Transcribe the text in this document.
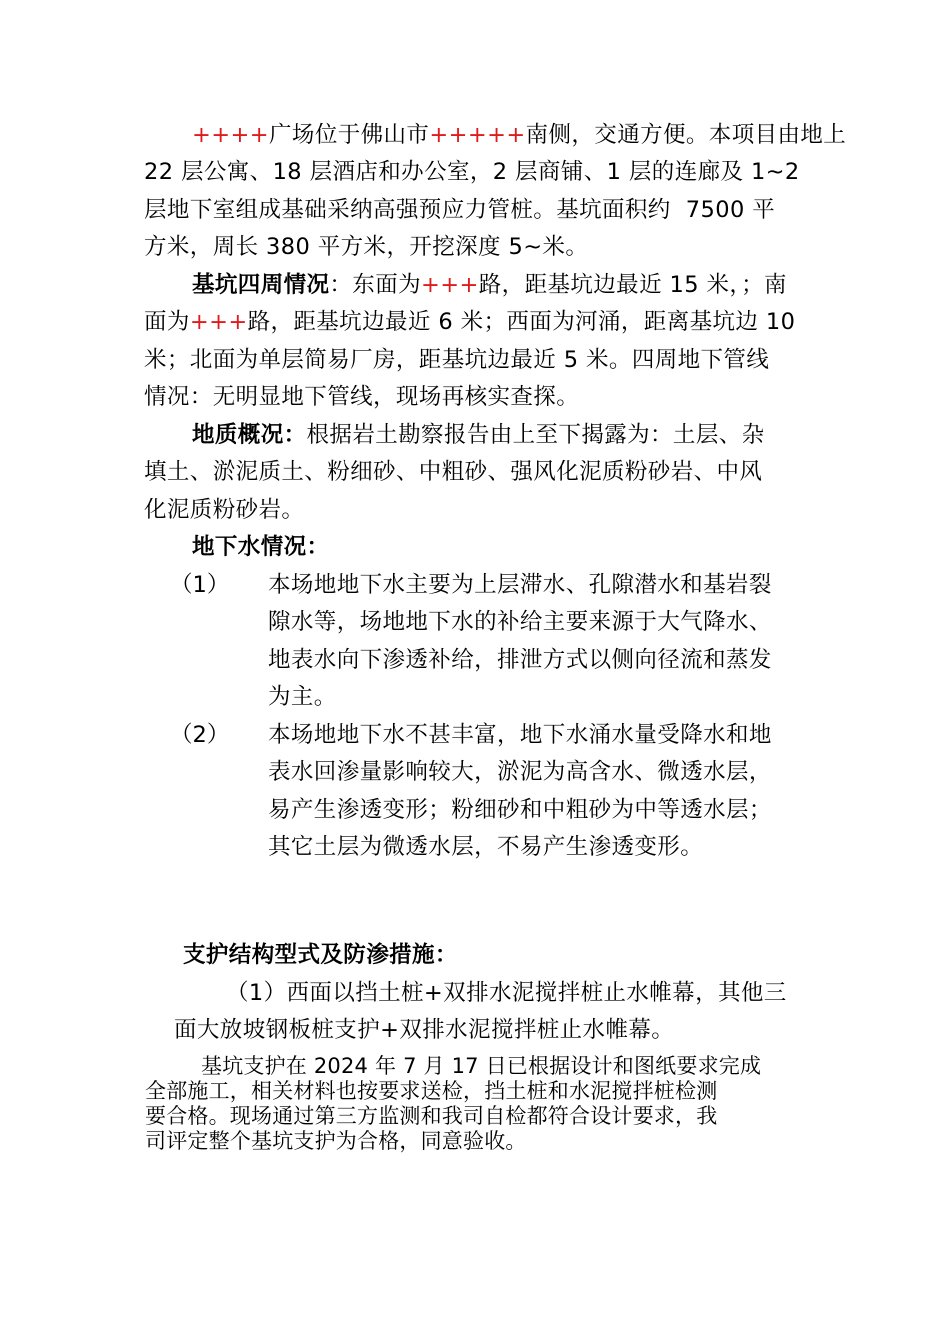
++++广场位于佛山市+++++南侧，交通方便。本项目由地上
22 层公寓、18 层酒店和办公室，2 层商铺、1 层的连廊及 1~2
层地下室组成基础采纳高强预应力管桩。基坑面积约  7500 平
方米，周长 380 平方米，开挖深度 5~米。
基坑四周情况：东面为+++路，距基坑边最近 15 米，；南
面为+++路，距基坑边最近 6 米；西面为河涌，距离基坑边 10
米；北面为单层简易厂房，距基坑边最近 5 米。四周地下管线
情况：无明显地下管线，现场再核实查探。
地质概况：根据岩土勘察报告由上至下揭露为：土层、杂
填土、淤泥质土、粉细砂、中粗砂、强风化泥质粉砂岩、中风
化泥质粉砂岩。
地下水情况：
（1） 本场地地下水主要为上层滞水、孔隙潜水和基岩裂
隙水等，场地地下水的补给主要来源于大气降水、
地表水向下渗透补给，排泄方式以侧向径流和蒸发
为主。
（2） 本场地地下水不甚丰富，地下水涌水量受降水和地
表水回渗量影响较大，淤泥为高含水、微透水层，
易产生渗透变形；粉细砂和中粗砂为中等透水层；
其它土层为微透水层，不易产生渗透变形。
支护结构型式及防渗措施：
（1）西面以挡土桩+双排水泥搅拌桩止水帷幕，其他三
面大放坡钢板桩支护+双排水泥搅拌桩止水帷幕。
基坑支护在 2024 年 7 月 17 日已根据设计和图纸要求完成
全部施工，相关材料也按要求送检，挡土桩和水泥搅拌桩检测
要合格。现场通过第三方监测和我司自检都符合设计要求，我
司评定整个基坑支护为合格，同意验收。
